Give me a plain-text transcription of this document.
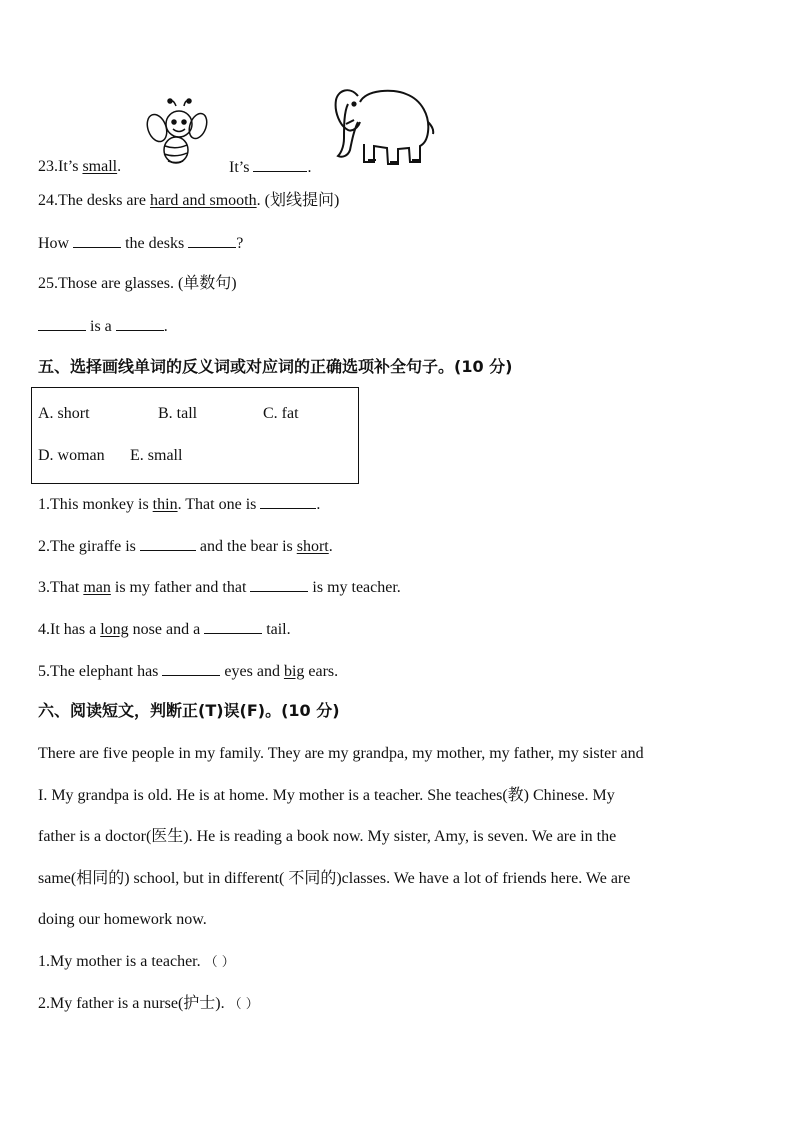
23.It’s small.	It’s	.
24.The desks are hard and smooth. (划线提问)
How	the desks	?
25.Those are glasses. (单数句)
is a	.
五、选择画线单词的反义词或对应词的正确选项补全句子。(10 分)
A. short	B. tall	C. fat
D. woman E. small
1.This monkey is thin. That one is	.
2.The giraffe is	and the bear is short.
3.That man is my father and that	is my teacher.
4.It has a long nose and a	tail.
5.The elephant has	eyes and big ears.
六、阅读短文，判断正(T)误(F)。(10 分)
There are five people in my family. They are my grandpa, my mother, my father, my sister and
I. My grandpa is old. He is at home. My mother is a teacher. She teaches(教) Chinese. My
father is a doctor(医生). He is reading a book now. My sister, Amy, is seven. We are in the
same(相同的) school, but in different( 不同的)classes. We have a lot of friends here. We are
doing our homework now.
1.My mother is a teacher. （ ）
2.My father is a nurse(护士). （ ）
